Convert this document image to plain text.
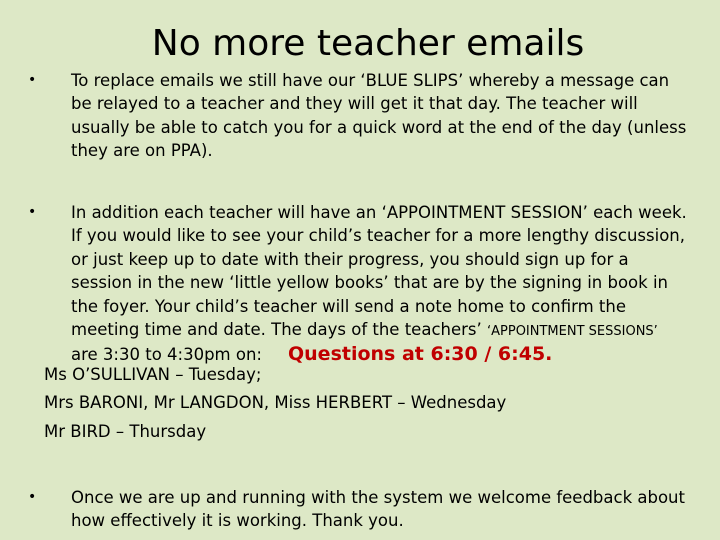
No more teacher emails
•	To replace emails we still have our ‘BLUE SLIPS’ whereby a message can be relayed to a teacher and they will get it that day. The teacher will usually be able to catch you for a quick word at the end of the day (unless they are on PPA).
•	In addition each teacher will have an ‘APPOINTMENT SESSION’ each week. If you would like to see your child’s teacher for a more lengthy discussion, or just keep up to date with their progress, you should sign up for a session in the new ‘little yellow books’ that are by the signing in book in the foyer. Your child’s teacher will send a note home to confirm the meeting time and date. The days of the teachers’ ‘APPOINTMENT SESSIONS’ are 3:30 to 4:30pm on: Questions at 6:30 / 6:45.
Ms O’SULLIVAN – Tuesday;
Mrs BARONI, Mr LANGDON, Miss HERBERT – Wednesday
Mr BIRD – Thursday
•	Once we are up and running with the system we welcome feedback about how effectively it is working. Thank you.
